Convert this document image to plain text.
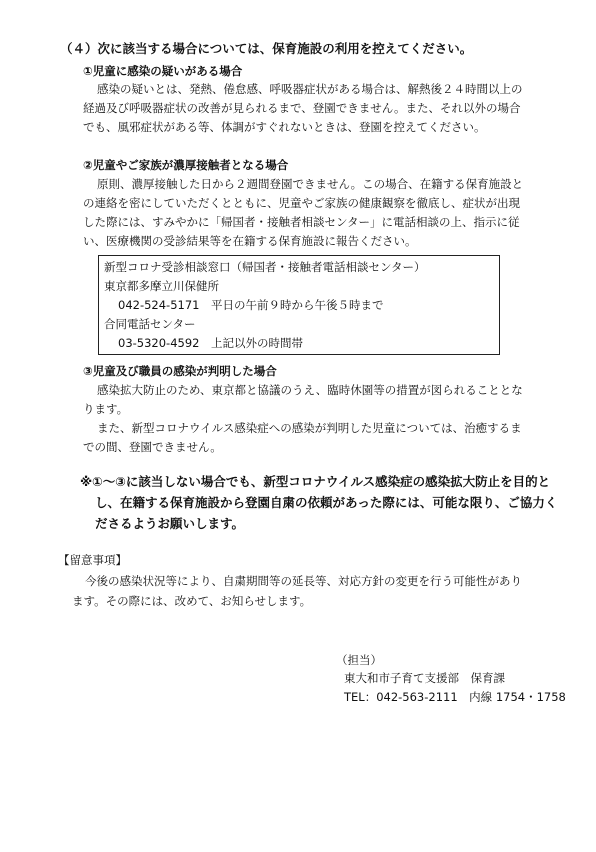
（４）次に該当する場合については、保育施設の利用を控えてください。
①児童に感染の疑いがある場合
感染の疑いとは、発熱、倦怠感、呼吸器症状がある場合は、解熱後２４時間以上の
経過及び呼吸器症状の改善が見られるまで、登園できません。また、それ以外の場合
でも、風邪症状がある等、体調がすぐれないときは、登園を控えてください。
②児童やご家族が濃厚接触者となる場合
原則、濃厚接触した日から２週間登園できません。この場合、在籍する保育施設と
の連絡を密にしていただくとともに、児童やご家族の健康観察を徹底し、症状が出現
した際には、すみやかに「帰国者・接触者相談センター」に電話相談の上、指示に従
い、医療機関の受診結果等を在籍する保育施設に報告ください。
新型コロナ受診相談窓口（帰国者・接触者電話相談センター）
東京都多摩立川保健所
042-524-5171　平日の午前９時から午後５時まで
合同電話センター
03-5320-4592　上記以外の時間帯
③児童及び職員の感染が判明した場合
感染拡大防止のため、東京都と協議のうえ、臨時休園等の措置が図られることとな
ります。
また、新型コロナウイルス感染症への感染が判明した児童については、治癒するま
での間、登園できません。
※①～③に該当しない場合でも、新型コロナウイルス感染症の感染拡大防止を目的と
し、在籍する保育施設から登園自粛の依頼があった際には、可能な限り、ご協力く
ださるようお願いします。
【留意事項】
今後の感染状況等により、自粛期間等の延長等、対応方針の変更を行う可能性があり
ます。その際には、改めて、お知らせします。
（担当）
東大和市子育て支援部　保育課
TEL：042-563-2111　内線 1754・1758
